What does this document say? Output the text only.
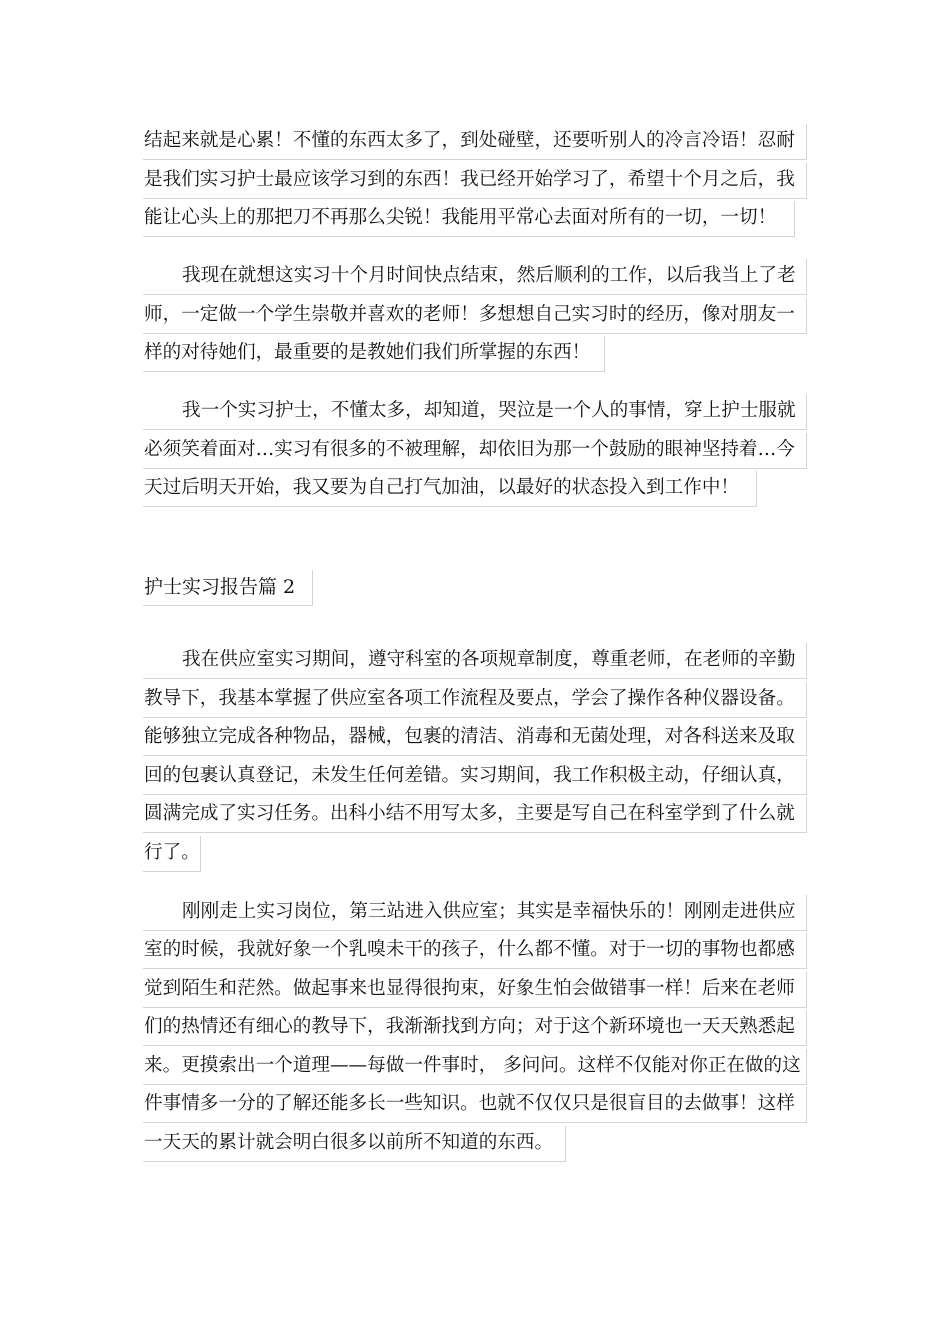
结起来就是心累！不懂的东西太多了，到处碰壁，还要听别人的冷言冷语！忍耐
是我们实习护士最应该学习到的东西！我已经开始学习了，希望十个月之后，我
能让心头上的那把刀不再那么尖锐！我能用平常心去面对所有的一切，一切！
我现在就想这实习十个月时间快点结束，然后顺利的工作，以后我当上了老
师，一定做一个学生崇敬并喜欢的老师！多想想自己实习时的经历，像对朋友一
样的对待她们，最重要的是教她们我们所掌握的东西！
我一个实习护士，不懂太多，却知道，哭泣是一个人的事情，穿上护士服就
必须笑着面对…实习有很多的不被理解，却依旧为那一个鼓励的眼神坚持着…今
天过后明天开始，我又要为自己打气加油，以最好的状态投入到工作中！
护士实习报告篇 2
我在供应室实习期间，遵守科室的各项规章制度，尊重老师，在老师的辛勤
教导下，我基本掌握了供应室各项工作流程及要点，学会了操作各种仪器设备。
能够独立完成各种物品，器械，包裹的清洁、消毒和无菌处理，对各科送来及取
回的包裹认真登记，未发生任何差错。实习期间，我工作积极主动，仔细认真，
圆满完成了实习任务。出科小结不用写太多，主要是写自己在科室学到了什么就
行了。
刚刚走上实习岗位，第三站进入供应室；其实是幸福快乐的！刚刚走进供应
室的时候，我就好象一个乳嗅未干的孩子，什么都不懂。对于一切的事物也都感
觉到陌生和茫然。做起事来也显得很拘束，好象生怕会做错事一样！后来在老师
们的热情还有细心的教导下，我渐渐找到方向；对于这个新环境也一天天熟悉起
来。更摸索出一个道理——每做一件事时， 多问问。这样不仅能对你正在做的这
件事情多一分的了解还能多长一些知识。也就不仅仅只是很盲目的去做事！这样
一天天的累计就会明白很多以前所不知道的东西。
